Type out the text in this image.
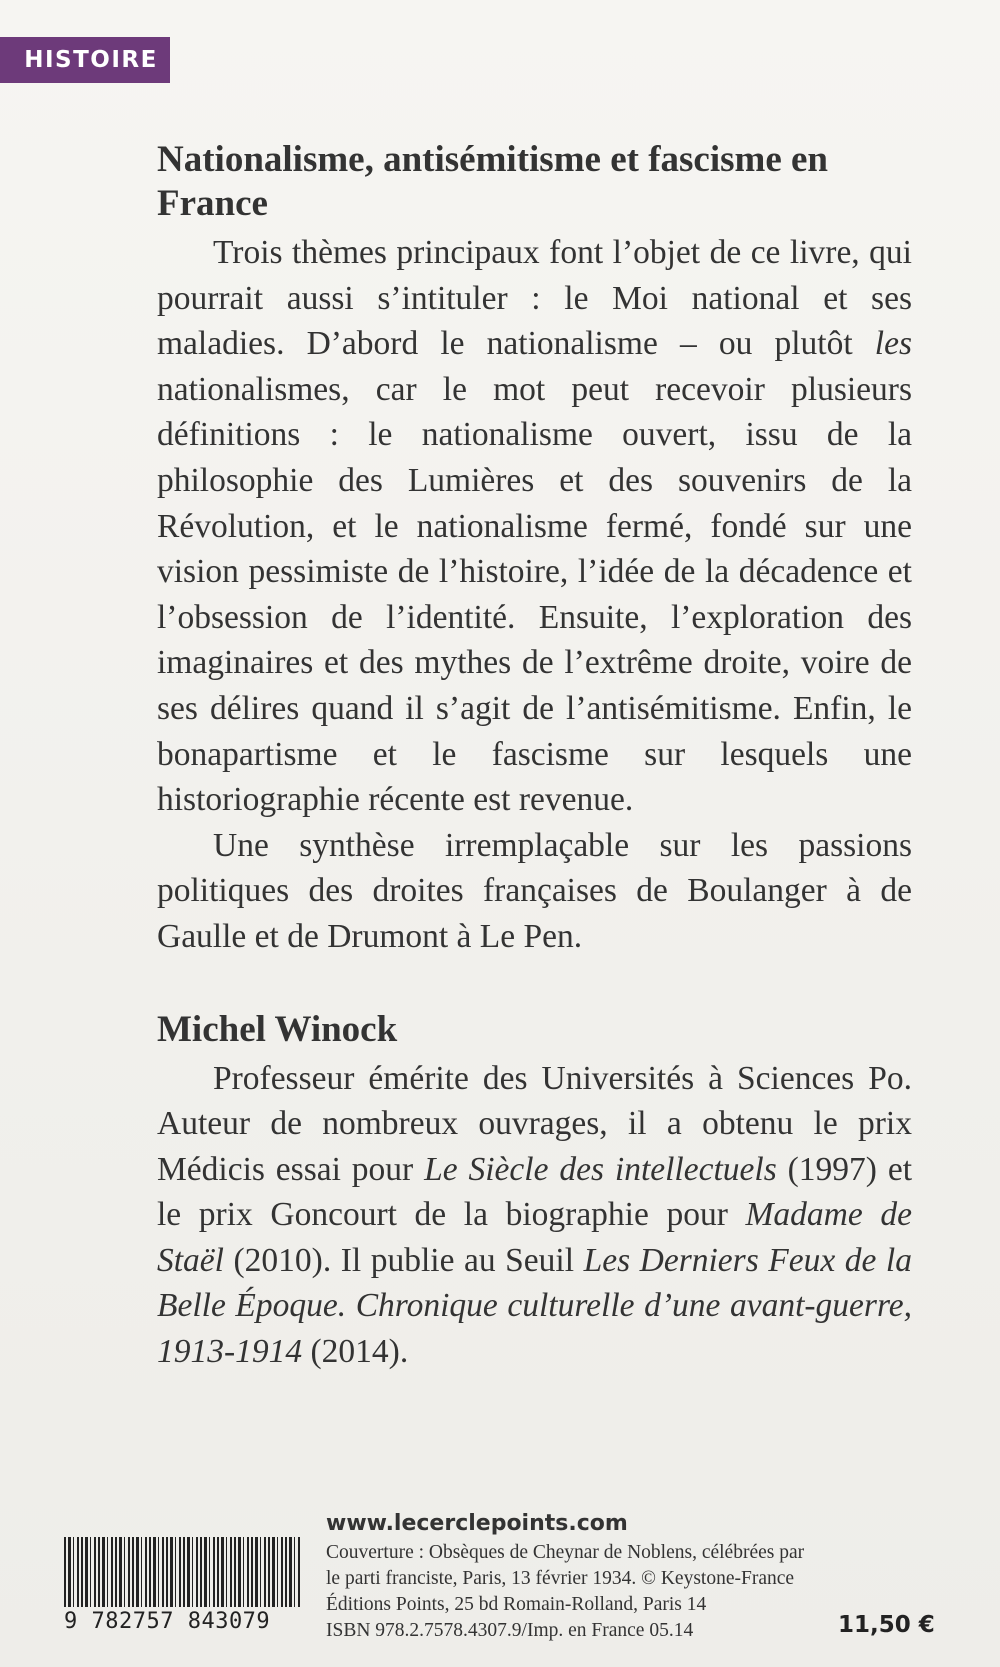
HISTOIRE
Nationalisme, antisémitisme et fascisme en France

Trois thèmes principaux font l’objet de ce livre, qui pourrait aussi s’intituler : le Moi national et ses maladies. D’abord le nationalisme – ou plutôt les nationalismes, car le mot peut recevoir plusieurs définitions : le nationalisme ouvert, issu de la philosophie des Lumières et des souvenirs de la Révolution, et le nationalisme fermé, fondé sur une vision pessimiste de l’histoire, l’idée de la décadence et l’obsession de l’identité. Ensuite, l’exploration des imaginaires et des mythes de l’extrême droite, voire de ses délires quand il s’agit de l’antisémitisme. Enfin, le bonapartisme et le fascisme sur lesquels une historiographie récente est revenue.

Une synthèse irremplaçable sur les passions politiques des droites françaises de Boulanger à de Gaulle et de Drumont à Le Pen.

Michel Winock

Professeur émérite des Universités à Sciences Po. Auteur de nombreux ouvrages, il a obtenu le prix Médicis essai pour Le Siècle des intellectuels (1997) et le prix Goncourt de la biographie pour Madame de Staël (2010). Il publie au Seuil Les Derniers Feux de la Belle Époque. Chronique culturelle d’une avant-guerre, 1913-1914 (2014).

www.lecerclepoints.com
9 782757 843079
Couverture : Obsèques de Cheynar de Noblens, célébrées par
le parti franciste, Paris, 13 février 1934. © Keystone-France
Éditions Points, 25 bd Romain-Rolland, Paris 14
ISBN 978.2.7578.4307.9/Imp. en France 05.14	11,50 €
